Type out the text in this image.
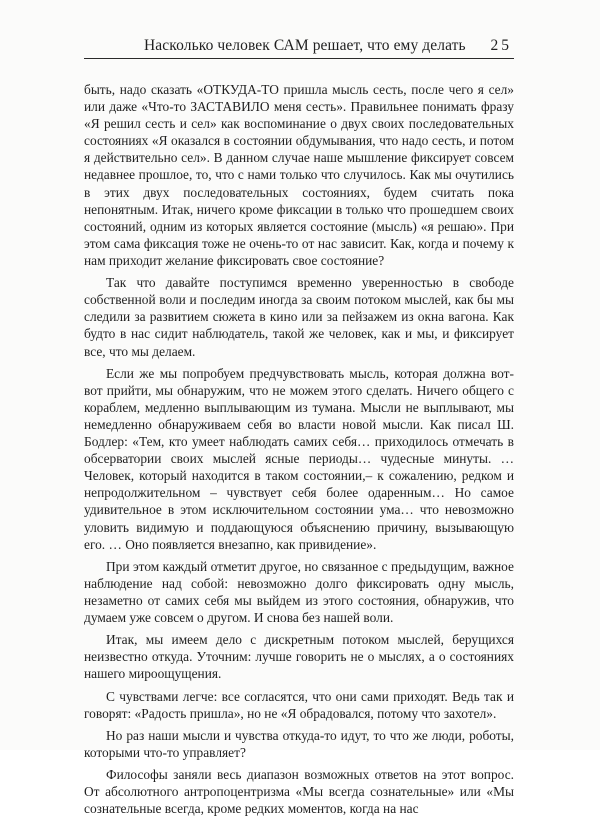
Насколько человек САМ решает, что ему делать 25

быть, надо сказать «ОТКУДА-ТО пришла мысль сесть, после чего я сел» или даже «Что-то ЗАСТАВИЛО меня сесть». Правильнее понимать фразу «Я решил сесть и сел» как воспоминание о двух своих последовательных состояниях «Я оказался в состоянии обдумывания, что надо сесть, и потом я действительно сел». В данном случае наше мышление фиксирует совсем недавнее прошлое, то, что с нами только что случилось. Как мы очутились в этих двух последовательных состояниях, будем считать пока непонятным. Итак, ничего кроме фиксации в только что прошедшем своих состояний, одним из которых является состояние (мысль) «я решаю». При этом сама фиксация тоже не очень-то от нас зависит. Как, когда и почему к нам приходит желание фиксировать свое состояние?

Так что давайте поступимся временно уверенностью в свободе собственной воли и последим иногда за своим потоком мыслей, как бы мы следили за развитием сюжета в кино или за пейзажем из окна вагона. Как будто в нас сидит наблюдатель, такой же человек, как и мы, и фиксирует все, что мы делаем.

Если же мы попробуем предчувствовать мысль, которая должна вот-вот прийти, мы обнаружим, что не можем этого сделать. Ничего общего с кораблем, медленно выплывающим из тумана. Мысли не выплывают, мы немедленно обнаруживаем себя во власти новой мысли. Как писал Ш. Бодлер: «Тем, кто умеет наблюдать самих себя… приходилось отмечать в обсерватории своих мыслей ясные периоды… чудесные минуты. … Человек, который находится в таком состоянии,– к сожалению, редком и непродолжительном – чувствует себя более одаренным… Но самое удивительное в этом исключительном состоянии ума… что невозможно уловить видимую и поддающуюся объяснению причину, вызывающую его. … Оно появляется внезапно, как привидение».

При этом каждый отметит другое, но связанное с предыдущим, важное наблюдение над собой: невозможно долго фиксировать одну мысль, незаметно от самих себя мы выйдем из этого состояния, обнаружив, что думаем уже совсем о другом. И снова без нашей воли.

Итак, мы имеем дело с дискретным потоком мыслей, берущихся неизвестно откуда. Уточним: лучше говорить не о мыслях, а о состояниях нашего мироощущения.

С чувствами легче: все согласятся, что они сами приходят. Ведь так и говорят: «Радость пришла», но не «Я обрадовался, потому что захотел».

Но раз наши мысли и чувства откуда-то идут, то что же люди, роботы, которыми что-то управляет?

Философы заняли весь диапазон возможных ответов на этот вопрос. От абсолютного антропоцентризма «Мы всегда сознательные» или «Мы сознательные всегда, кроме редких моментов, когда на нас
